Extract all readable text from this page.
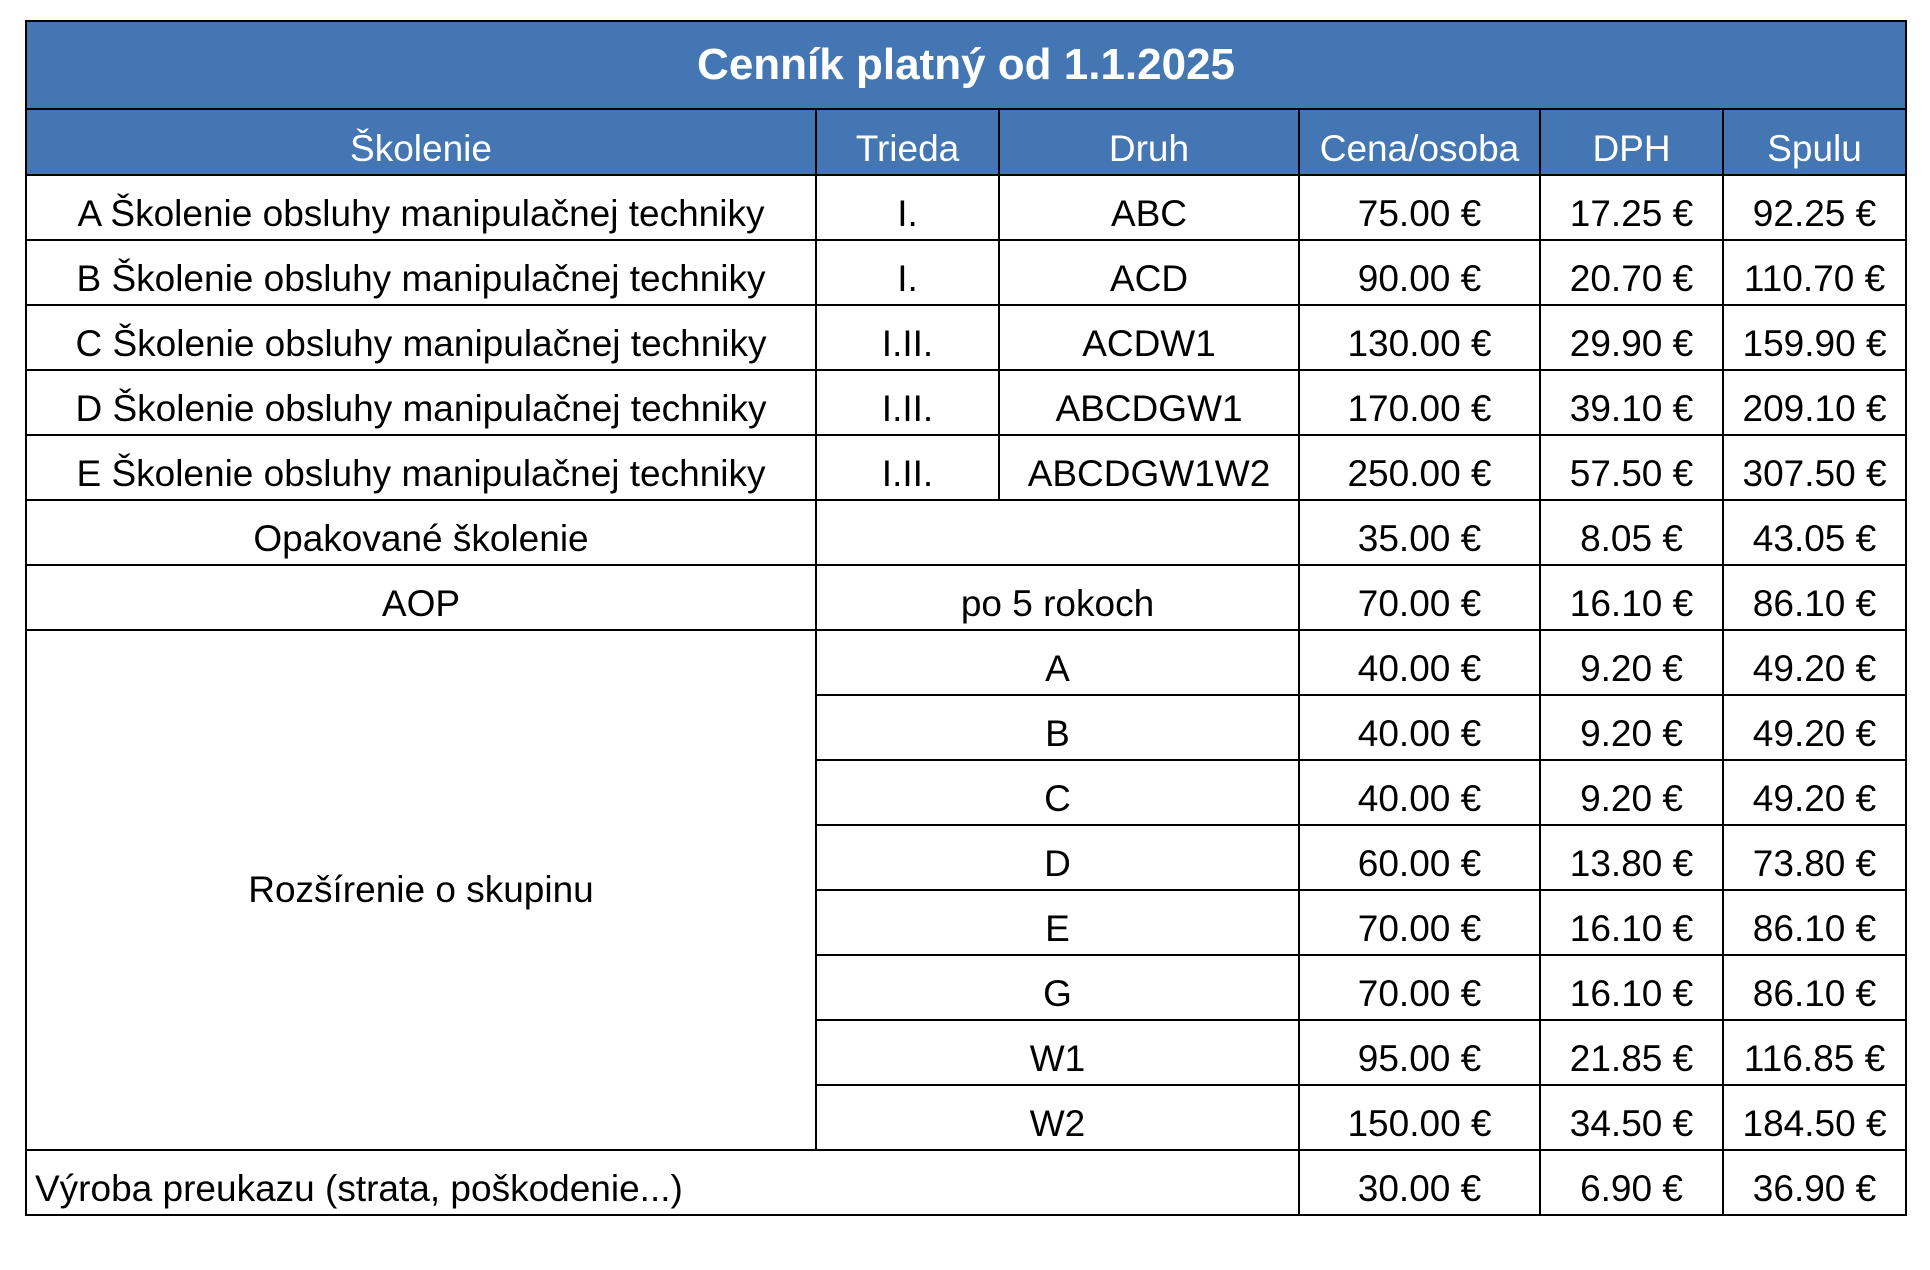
Cenník platný od 1.1.2025					
Školenie	Trieda	Druh	Cena/osoba	DPH	Spulu
A Školenie obsluhy manipulačnej techniky	I.	ABC	75.00 €	17.25 €	92.25 €
B Školenie obsluhy manipulačnej techniky	I.	ACD	90.00 €	20.70 €	110.70 €
C Školenie obsluhy manipulačnej techniky	I.II.	ACDW1	130.00 €	29.90 €	159.90 €
D Školenie obsluhy manipulačnej techniky	I.II.	ABCDGW1	170.00 €	39.10 €	209.10 €
E Školenie obsluhy manipulačnej techniky	I.II.	ABCDGW1W2	250.00 €	57.50 €	307.50 €
Opakované školenie			35.00 €	8.05 €	43.05 €
AOP	po 5 rokoch		70.00 €	16.10 €	86.10 €
Rozšírenie o skupinu	A		40.00 €	9.20 €	49.20 €
	B		40.00 €	9.20 €	49.20 €
	C		40.00 €	9.20 €	49.20 €
	D		60.00 €	13.80 €	73.80 €
	E		70.00 €	16.10 €	86.10 €
	G		70.00 €	16.10 €	86.10 €
	W1		95.00 €	21.85 €	116.85 €
	W2		150.00 €	34.50 €	184.50 €
Výroba preukazu (strata, poškodenie...)			30.00 €	6.90 €	36.90 €
